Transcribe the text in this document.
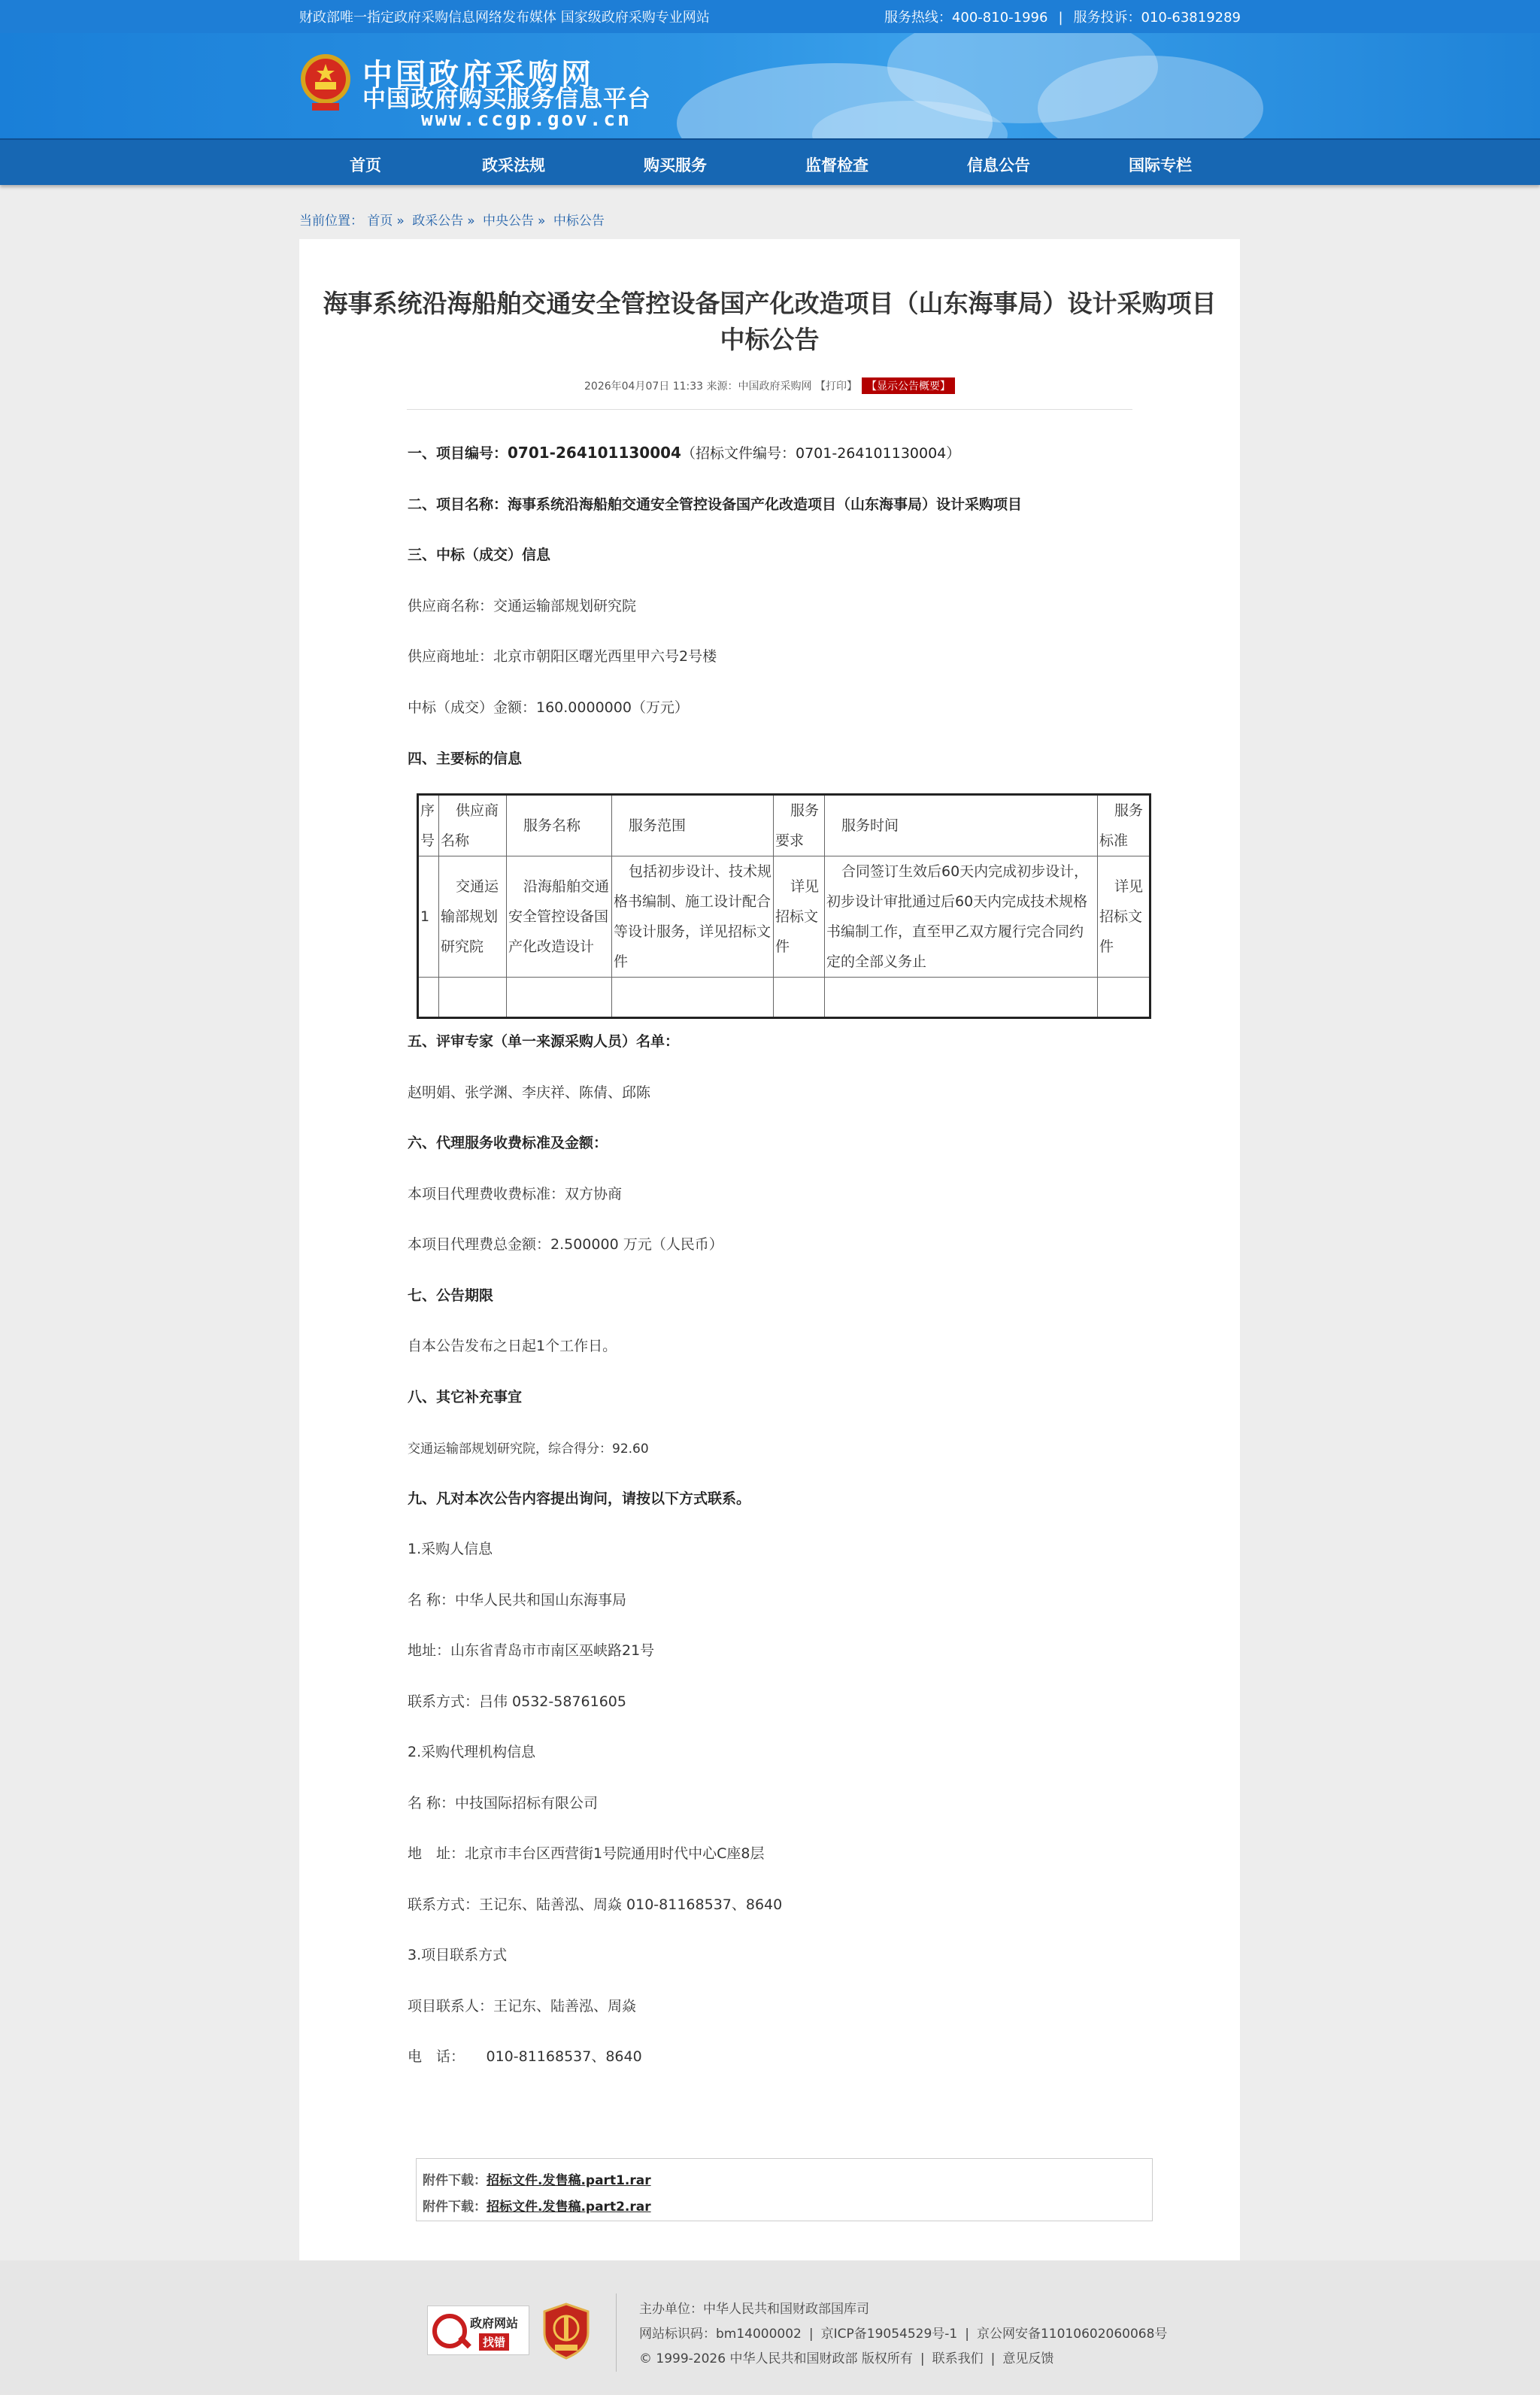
财政部唯一指定政府采购信息网络发布媒体 国家级政府采购专业网站	服务热线：400-810-1996 | 服务投诉：010-63819289
中国政府采购网
中国政府购买服务信息平台
www.ccgp.gov.cn
首页	政采法规	购买服务	监督检查	信息公告	国际专栏
当前位置： 首页 » 政采公告 » 中央公告 » 中标公告
海事系统沿海船舶交通安全管控设备国产化改造项目（山东海事局）设计采购项目
中标公告
2026年04月07日 11:33 来源：中国政府采购网 【打印】 【显示公告概要】
一、项目编号：0701-264101130004（招标文件编号：0701-264101130004）
二、项目名称：海事系统沿海船舶交通安全管控设备国产化改造项目（山东海事局）设计采购项目
三、中标（成交）信息
供应商名称：交通运输部规划研究院
供应商地址：北京市朝阳区曙光西里甲六号2号楼
中标（成交）金额：160.0000000（万元）
四、主要标的信息
序号	供应商名称	服务名称	服务范围	服务要求	服务时间	服务标准
1	交通运输部规划研究院	沿海船舶交通安全管控设备国产化改造设计	包括初步设计、技术规格书编制、施工设计配合等设计服务，详见招标文件	详见招标文件	合同签订生效后60天内完成初步设计，初步设计审批通过后60天内完成技术规格书编制工作，直至甲乙双方履行完合同约定的全部义务止	详见招标文件

五、评审专家（单一来源采购人员）名单：
赵明娟、张学渊、李庆祥、陈倩、邱陈
六、代理服务收费标准及金额：
本项目代理费收费标准：双方协商
本项目代理费总金额：2.500000 万元（人民币）
七、公告期限
自本公告发布之日起1个工作日。
八、其它补充事宜
交通运输部规划研究院，综合得分：92.60
九、凡对本次公告内容提出询问，请按以下方式联系。
1.采购人信息
名 称：中华人民共和国山东海事局
地址：山东省青岛市市南区巫峡路21号
联系方式：吕伟 0532-58761605
2.采购代理机构信息
名 称：中技国际招标有限公司
地　址：北京市丰台区西营街1号院通用时代中心C座8层
联系方式：王记东、陆善泓、周焱 010-81168537、8640
3.项目联系方式
项目联系人：王记东、陆善泓、周焱
电　话：　　010-81168537、8640
附件下载：招标文件.发售稿.part1.rar
附件下载：招标文件.发售稿.part2.rar
政府网站
找错
主办单位：中华人民共和国财政部国库司
网站标识码：bm14000002 | 京ICP备19054529号-1 | 京公网安备11010602060068号
© 1999-2026 中华人民共和国财政部 版权所有 | 联系我们 | 意见反馈
